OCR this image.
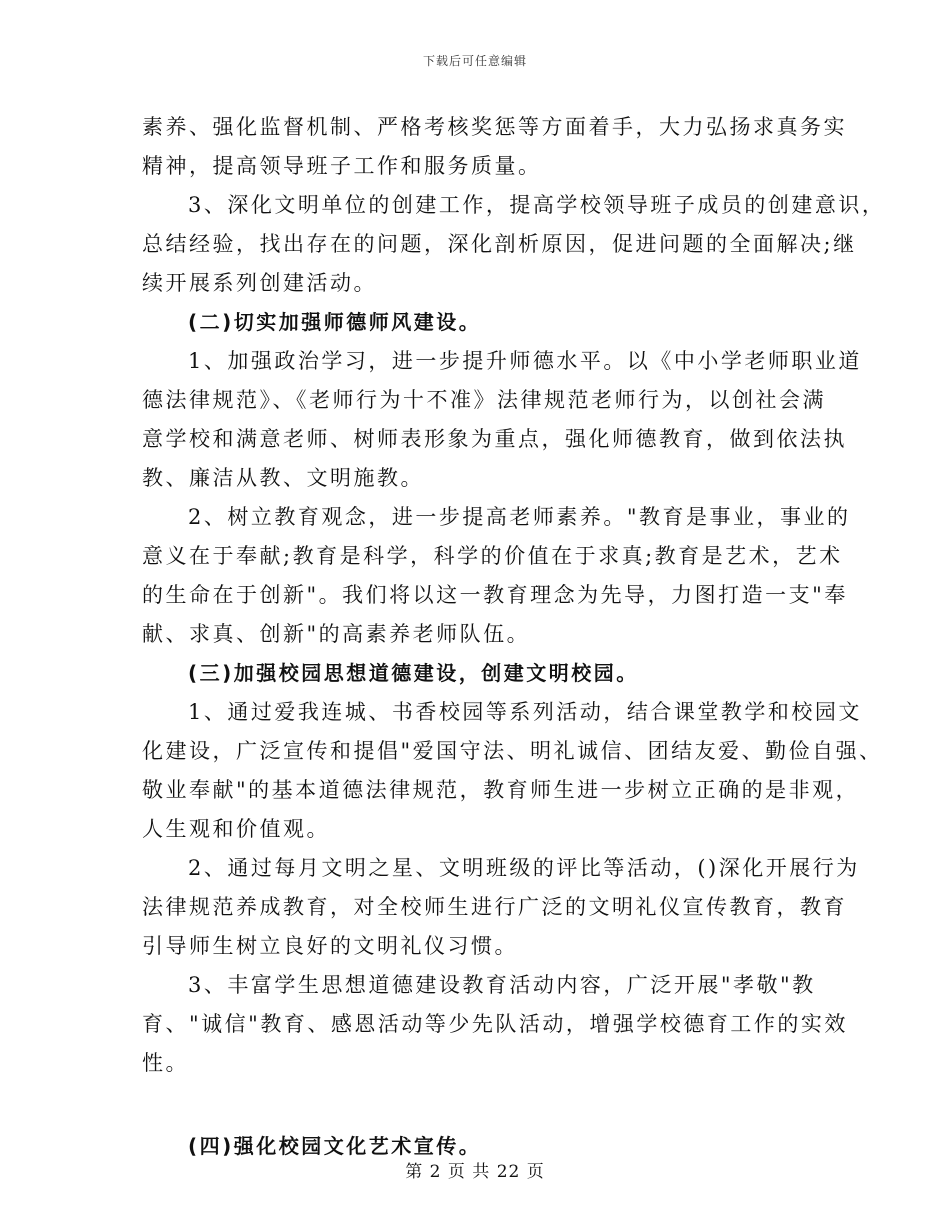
下载后可任意编辑
素养、强化监督机制、严格考核奖惩等方面着手，大力弘扬求真务实
精神，提高领导班子工作和服务质量。
3、深化文明单位的创建工作，提高学校领导班子成员的创建意识，
总结经验，找出存在的问题，深化剖析原因，促进问题的全面解决;继
续开展系列创建活动。
(二)切实加强师德师风建设。
1、加强政治学习，进一步提升师德水平。以《中小学老师职业道
德法律规范》、《老师行为十不准》法律规范老师行为，以创社会满
意学校和满意老师、树师表形象为重点，强化师德教育，做到依法执
教、廉洁从教、文明施教。
2、树立教育观念，进一步提高老师素养。"教育是事业，事业的
意义在于奉献;教育是科学，科学的价值在于求真;教育是艺术，艺术
的生命在于创新"。我们将以这一教育理念为先导，力图打造一支"奉
献、求真、创新"的高素养老师队伍。
(三)加强校园思想道德建设，创建文明校园。
1、通过爱我连城、书香校园等系列活动，结合课堂教学和校园文
化建设，广泛宣传和提倡"爱国守法、明礼诚信、团结友爱、勤俭自强、
敬业奉献"的基本道德法律规范，教育师生进一步树立正确的是非观，
人生观和价值观。
2、通过每月文明之星、文明班级的评比等活动，()深化开展行为
法律规范养成教育，对全校师生进行广泛的文明礼仪宣传教育，教育
引导师生树立良好的文明礼仪习惯。
3、丰富学生思想道德建设教育活动内容，广泛开展"孝敬"教
育、"诚信"教育、感恩活动等少先队活动，增强学校德育工作的实效
性。
(四)强化校园文化艺术宣传。
第 2 页 共 22 页
